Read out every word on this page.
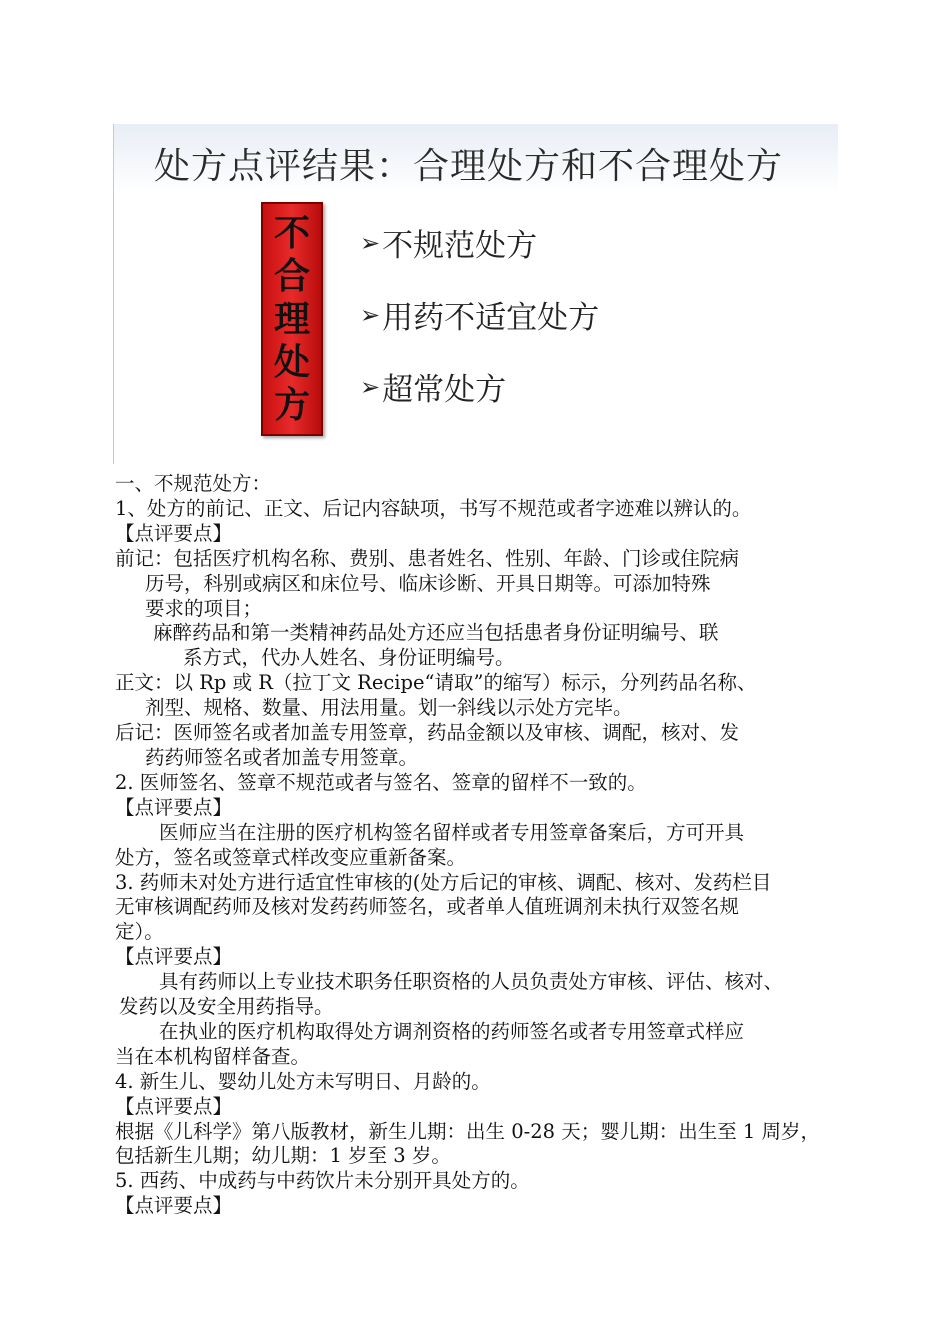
处方点评结果：合理处方和不合理处方
不
合
理
处
方
➢ 不规范处方
➢ 用药不适宜处方
➢ 超常处方

一、不规范处方：

1、处方的前记、正文、后记内容缺项，书写不规范或者字迹难以辨认的。

【点评要点】

前记：包括医疗机构名称、费别、患者姓名、性别、年龄、门诊或住院病

历号，科别或病区和床位号、临床诊断、开具日期等。可添加特殊

要求的项目；

麻醉药品和第一类精神药品处方还应当包括患者身份证明编号、联

系方式，代办人姓名、身份证明编号。

正文：以 Rp 或 R（拉丁文 Recipe“请取”的缩写）标示，分列药品名称、

剂型、规格、数量、用法用量。划一斜线以示处方完毕。

后记：医师签名或者加盖专用签章，药品金额以及审核、调配，核对、发

药药师签名或者加盖专用签章。

2. 医师签名、签章不规范或者与签名、签章的留样不一致的。

【点评要点】

医师应当在注册的医疗机构签名留样或者专用签章备案后，方可开具

处方，签名或签章式样改变应重新备案。

3. 药师未对处方进行适宜性审核的(处方后记的审核、调配、核对、发药栏目

无审核调配药师及核对发药药师签名，或者单人值班调剂未执行双签名规

定）。

【点评要点】

具有药师以上专业技术职务任职资格的人员负责处方审核、评估、核对、

发药以及安全用药指导。

在执业的医疗机构取得处方调剂资格的药师签名或者专用签章式样应

当在本机构留样备查。

4. 新生儿、婴幼儿处方未写明日、月龄的。

【点评要点】

根据《儿科学》第八版教材，新生儿期：出生 0-28 天；婴儿期：出生至 1 周岁，

包括新生儿期；幼儿期：1 岁至 3 岁。

5. 西药、中成药与中药饮片未分别开具处方的。

【点评要点】
